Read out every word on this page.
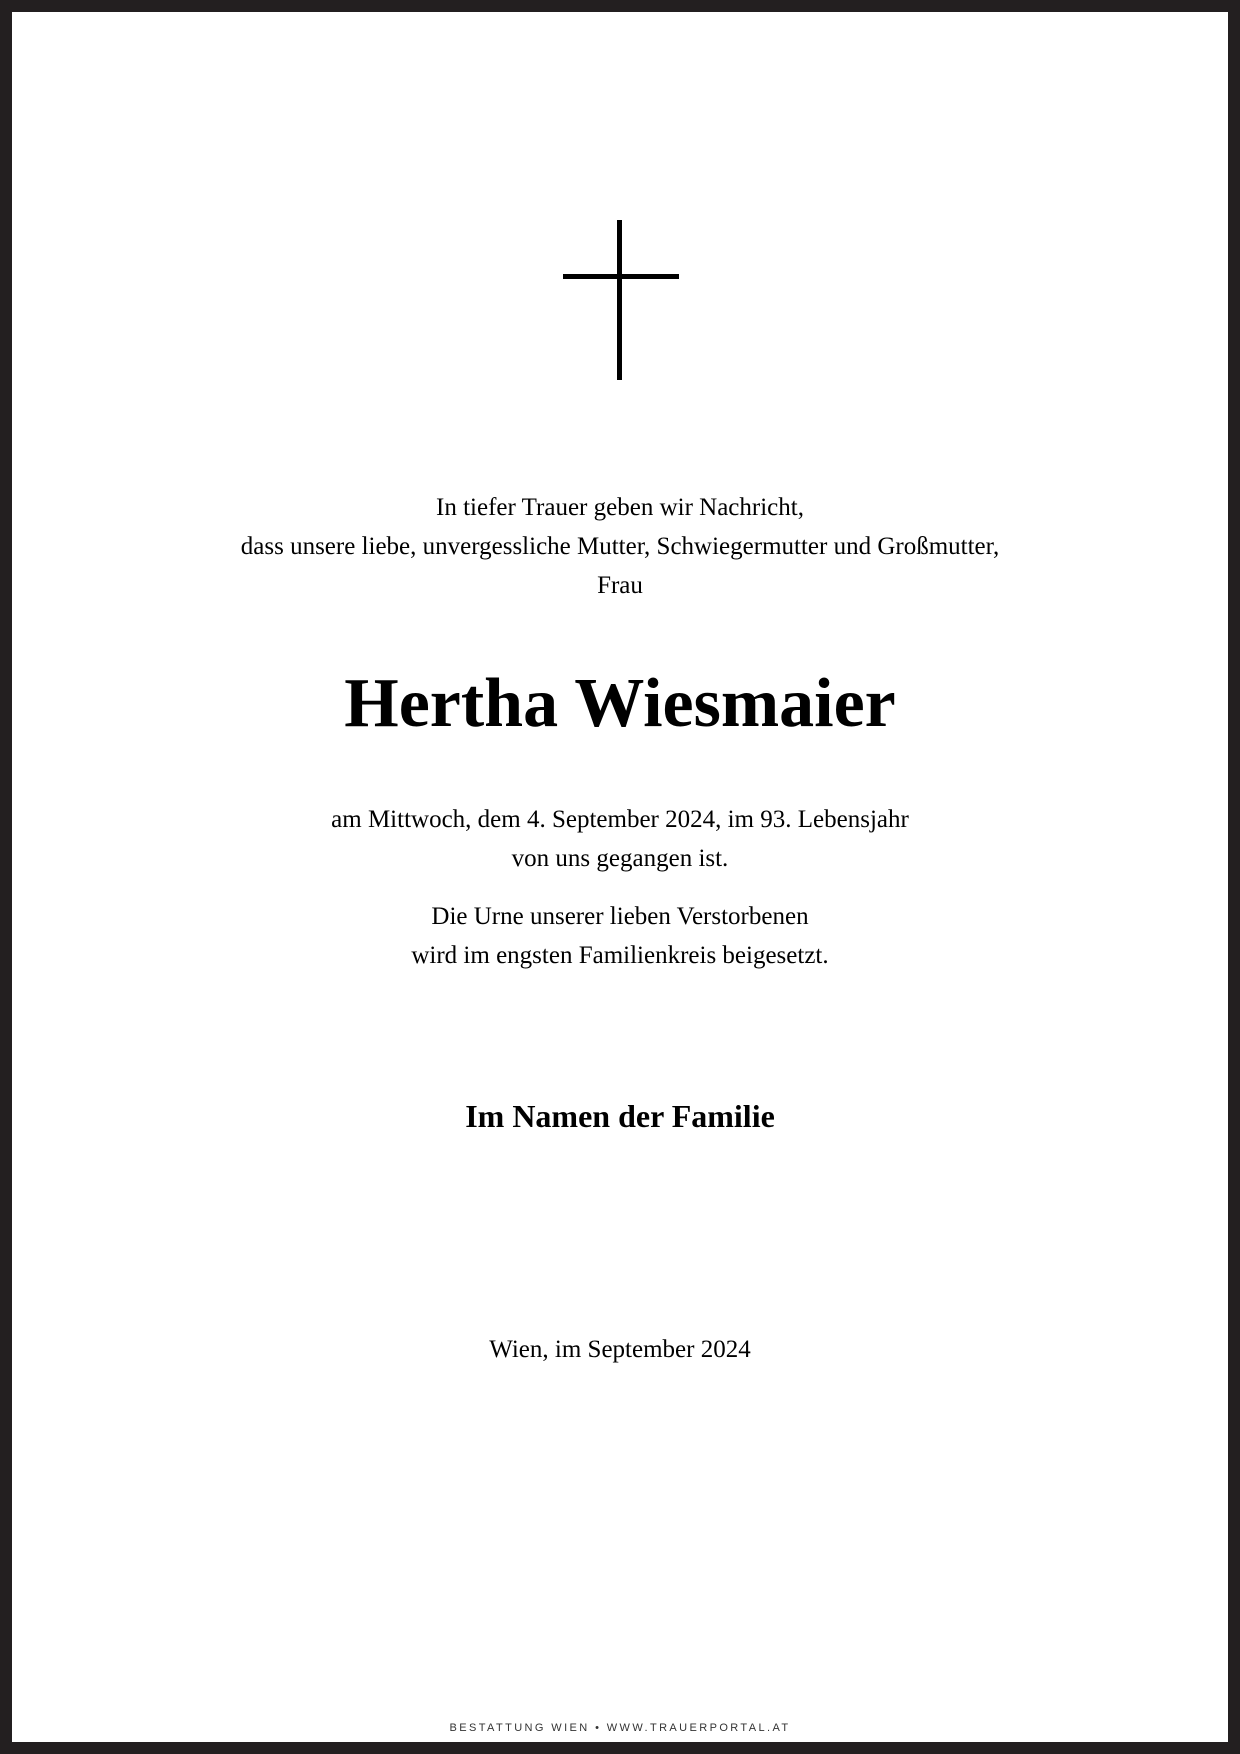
In tiefer Trauer geben wir Nachricht,
dass unsere liebe, unvergessliche Mutter, Schwiegermutter und Großmutter,
Frau
Hertha Wiesmaier
am Mittwoch, dem 4. September 2024, im 93. Lebensjahr
von uns gegangen ist.
Die Urne unserer lieben Verstorbenen
wird im engsten Familienkreis beigesetzt.
Im Namen der Familie
Wien, im September 2024
BESTATTUNG WIEN • WWW.TRAUERPORTAL.AT
